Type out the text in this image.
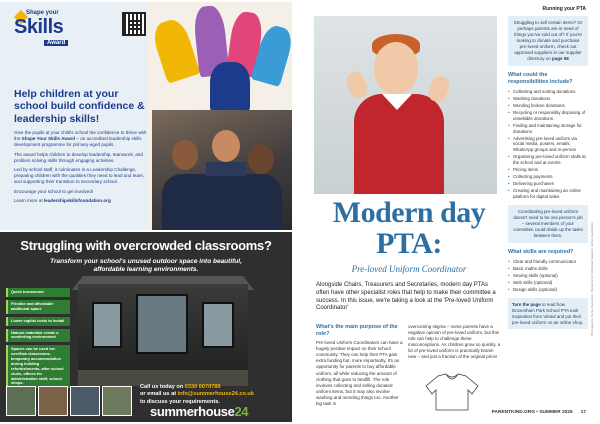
Shape your
Skills
Award
Help children at your school build confidence & leadership skills!

Give the pupils at your child's school the confidence to thrive with the Shape Your Skills Award – an accredited leadership skills development programme for primary-aged pupils.

The award helps children to develop leadership, teamwork, and problem solving skills through engaging activities.

Led by school staff, it culminates in a Leadership Challenge, preparing children with the qualities they need to lead and learn, and supporting their transition to secondary school.

Encourage your school to get involved!

Learn more at leadershipskillsfoundation.org

Struggling with overcrowded classrooms?
Transform your school's unused outdoor space into beautiful,
affordable learning environments.
Quick turnaround
Flexible and affordable additional space
Lower capital costs to install
Natural materials create a comforting environment
Spaces can be used for: overflow classrooms, temporary accommodation during building refurbishments, after school clubs, offices for administration staff, school shops.
Call us today on 0330 0070789
or email us at info@summerhouse24.co.uk
to discuss your requirements.
summerhouse24
Running your PTA
Modern day PTA:
Pre-loved Uniform Coordinator
Alongside Chairs, Treasurers and Secretaries, modern day PTAs often have other specialist roles that help to make their committee a success. In this issue, we're taking a look at the 'Pre-loved Uniform Coordinator'
What's the main purpose of the role?
Pre-loved Uniform Coordinators can have a hugely positive impact on their school community. They can help their PTA gain extra funding but, more importantly, it's an opportunity for parents to buy affordable uniform, all while reducing the amount of clothing that goes to landfill. The role involves collecting and selling donated uniform items, but it may also involve washing and mending things too. Another big task is
overcoming stigma – some parents have a negative opinion of pre-loved uniform, but this role can help to challenge these misconceptions. As children grow so quickly, a lot of pre-loved uniform is practically brand-new – and just a fraction of the original price!
Struggling to sell certain items? Or perhaps parents are in need of things you've sold out of? If you're looking to donate and purchase pre-loved uniform, check out approved suppliers in our supplier directory on page 58
What could the responsibilities include?
• Collecting and sorting donations
• Washing donations
• Mending broken donations
• Recycling or responsibly disposing of unsellable donations
• Finding and maintaining storage for donations
• Advertising pre-loved uniform via social media, posters, emails, WhatsApp groups and in-person
• Organising pre-loved uniform stalls at the school and at events
• Pricing items
• Collecting payments
• Delivering purchases
• Creating and maintaining an online platform for digital sales
Coordinating pre-loved uniform doesn't need to be one person's job – several members of your committee could divide up the tasks between them.
What skills are required?
• Clear and friendly communicator
• Basic maths skills
• Sewing skills (optional)
• Web skills (optional)
• Design skills (optional)
Turn the page to read how Droxenham Park School PTA took inspiration from Vinted and put their pre-loved uniform on an online shop.	Photography: Alamy. Illustration: Shutterstock. Additional research: Ashley Huddleston
PARENTKIND.ORG • SUMMER 2025 17
